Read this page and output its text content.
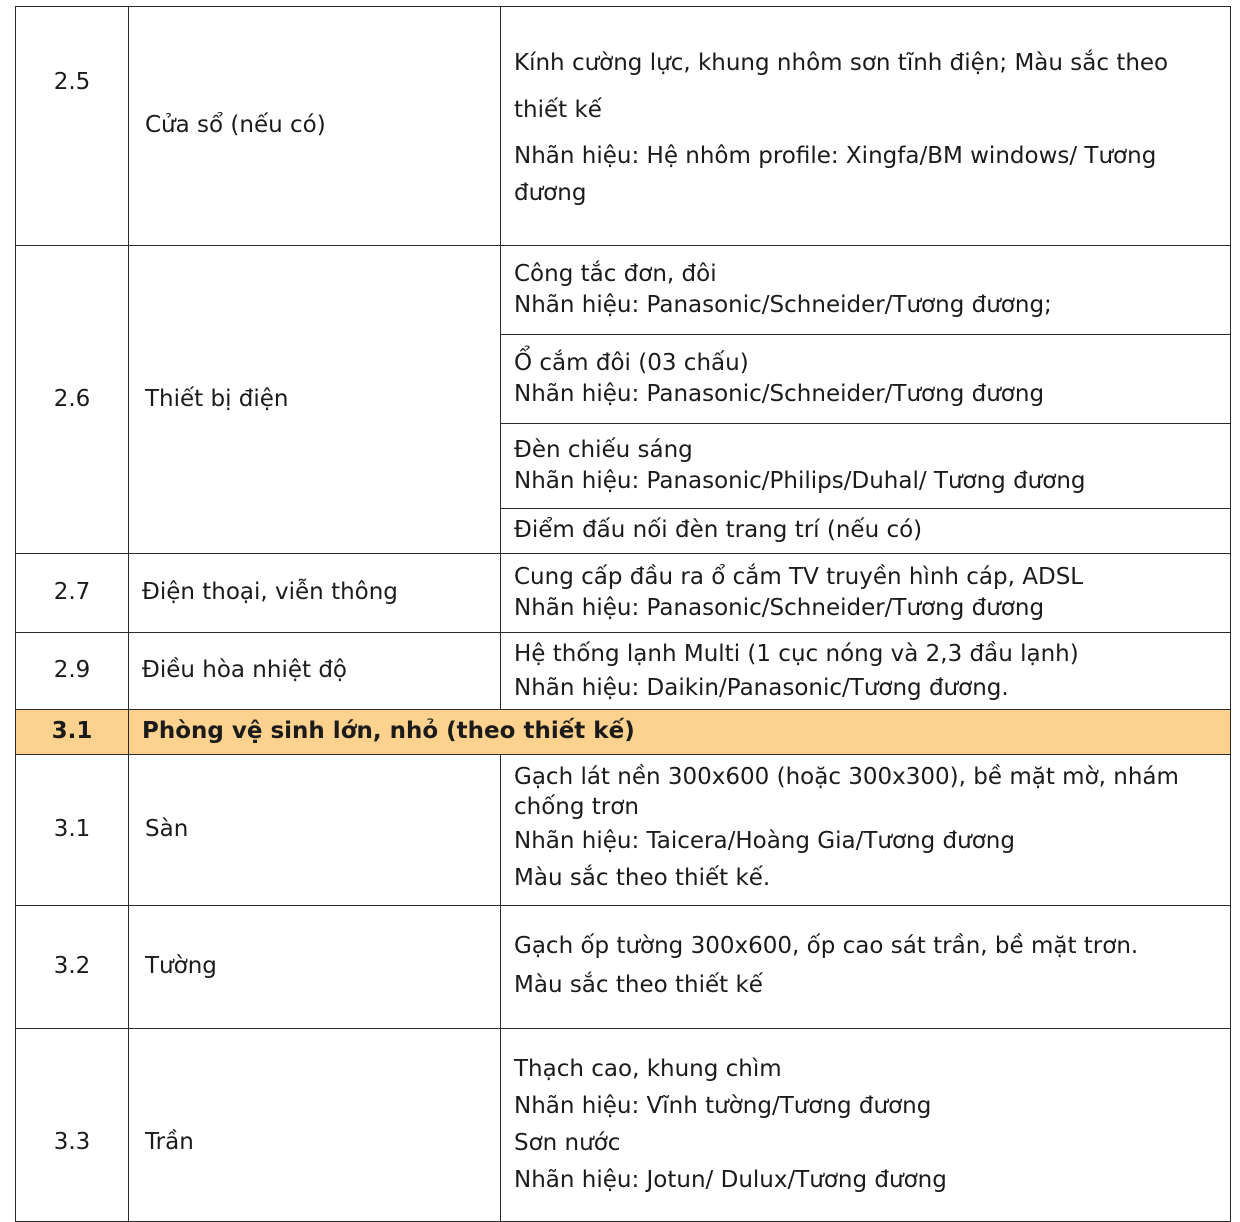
2.5	Cửa sổ (nếu có)	Kính cường lực, khung nhôm sơn tĩnh điện; Màu sắc theo thiết kế
Nhãn hiệu: Hệ nhôm profile: Xingfa/BM windows/ Tương đương

2.6	Thiết bị điện	Công tắc đơn, đôi
Nhãn hiệu: Panasonic/Schneider/Tương đương;

		Ổ cắm đôi (03 chấu)
Nhãn hiệu: Panasonic/Schneider/Tương đương

		Đèn chiếu sáng
Nhãn hiệu: Panasonic/Philips/Duhal/ Tương đương

		Điểm đấu nối đèn trang trí (nếu có)

2.7	Điện thoại, viễn thông	Cung cấp đầu ra ổ cắm TV truyền hình cáp, ADSL
Nhãn hiệu: Panasonic/Schneider/Tương đương

2.9	Điều hòa nhiệt độ	Hệ thống lạnh Multi (1 cục nóng và 2,3 đầu lạnh)
Nhãn hiệu: Daikin/Panasonic/Tương đương.

3.1	Phòng vệ sinh lớn, nhỏ (theo thiết kế)	
3.1	Sàn	Gạch lát nền 300x600 (hoặc 300x300), bề mặt mờ, nhám chống trơn
Nhãn hiệu: Taicera/Hoàng Gia/Tương đương
Màu sắc theo thiết kế.

3.2	Tường	Gạch ốp tường 300x600, ốp cao sát trần, bề mặt trơn.
Màu sắc theo thiết kế

3.3	Trần	Thạch cao, khung chìm
Nhãn hiệu: Vĩnh tường/Tương đương
Sơn nước
Nhãn hiệu: Jotun/ Dulux/Tương đương
